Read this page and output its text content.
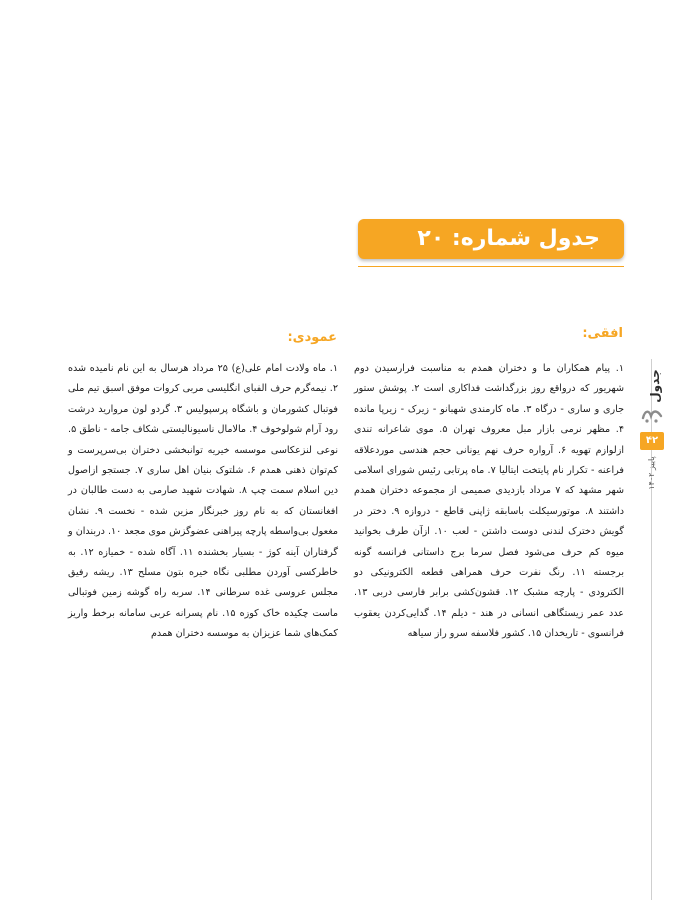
جدول شماره: ۲۰
افقی:

۱. پیام همکاران ما و دختران همدم به مناسبت فرارسیدن دوم شهریور که درواقع روز بزرگداشت فداکاری است ۲. پوشش ستور جاری و ساری - درگاه ۳. ماه کارمندی شهبانو - زیرک - زیرپا مانده ۴. مظهر نرمی بازار مبل معروف تهران ۵. موی شاعرانه تندی ازلوازم تهویه ۶. آرواره حرف نهم یونانی حجم هندسی موردعلاقه فراعنه - تکرار نام پایتخت ایتالیا ۷. ماه پرتابی رئیس شورای اسلامی شهر مشهد که ۷ مرداد بازدیدی صمیمی از مجموعه دختران همدم داشتند ۸. موتورسیکلت باسابقه ژاپنی قاطع - دروازه ۹. دختر در گویش دخترک لندنی دوست داشتن - لعب ۱۰. ازآن طرف بخوانید میوه کم حرف می‌شود فصل سرما برج داستانی فرانسه گونه برجسته ۱۱. رنگ نفرت حرف همراهی قطعه الکترونیکی دو الکترودی - پارچه مشبک ۱۲. قشون‌کشی برابر فارسی دربی ۱۳. عدد عمر زیستگاهی انسانی در هند - دیلم ۱۴. گدایی‌کردن یعقوب فرانسوی - تاریخدان ۱۵. کشور فلاسفه سرو راز سیاهه

عمودی:

۱. ماه ولادت امام علی(ع) ۲۵ مرداد هرسال به این نام نامیده شده ۲. نیمه‌گرم حرف الفبای انگلیسی مربی کروات موفق اسبق تیم ملی فوتبال کشورمان و باشگاه پرسپولیس ۳. گردو لون مروارید درشت رود آرام شولوخوف ۴. مالامال ناسیونالیستی شکاف جامه - ناطق ۵. نوعی لنزعکاسی موسسه خیریه توانبخشی دختران بی‌سرپرست و کم‌توان ذهنی همدم ۶. شلتوک بنیان اهل ساری ۷. جستجو ازاصول دین اسلام سمت چپ ۸. شهادت شهید صارمی به دست طالبان در افغانستان که به نام روز خبرنگار مزین شده - نخست ۹. نشان مغعول بی‌واسطه پارچه پیراهنی عضوگزش موی مجعد ۱۰. دربندان و گرفتاران آینه کوژ - بسیار بخشنده ۱۱. آگاه شده - خمیازه ۱۲. به خاطرکسی آوردن مطلبی نگاه خیره بتون مسلح ۱۳. ریشه رفیق مجلس عروسی غده سرطانی ۱۴. سربه راه گوشه زمین فوتبالی ماست چکیده خاک کوزه ۱۵. نام پسرانه عربی سامانه برخط واریز کمک‌های شما عزیزان به موسسه دختران همدم

جدول
۴۲
پاییز ۱۴۰۲
